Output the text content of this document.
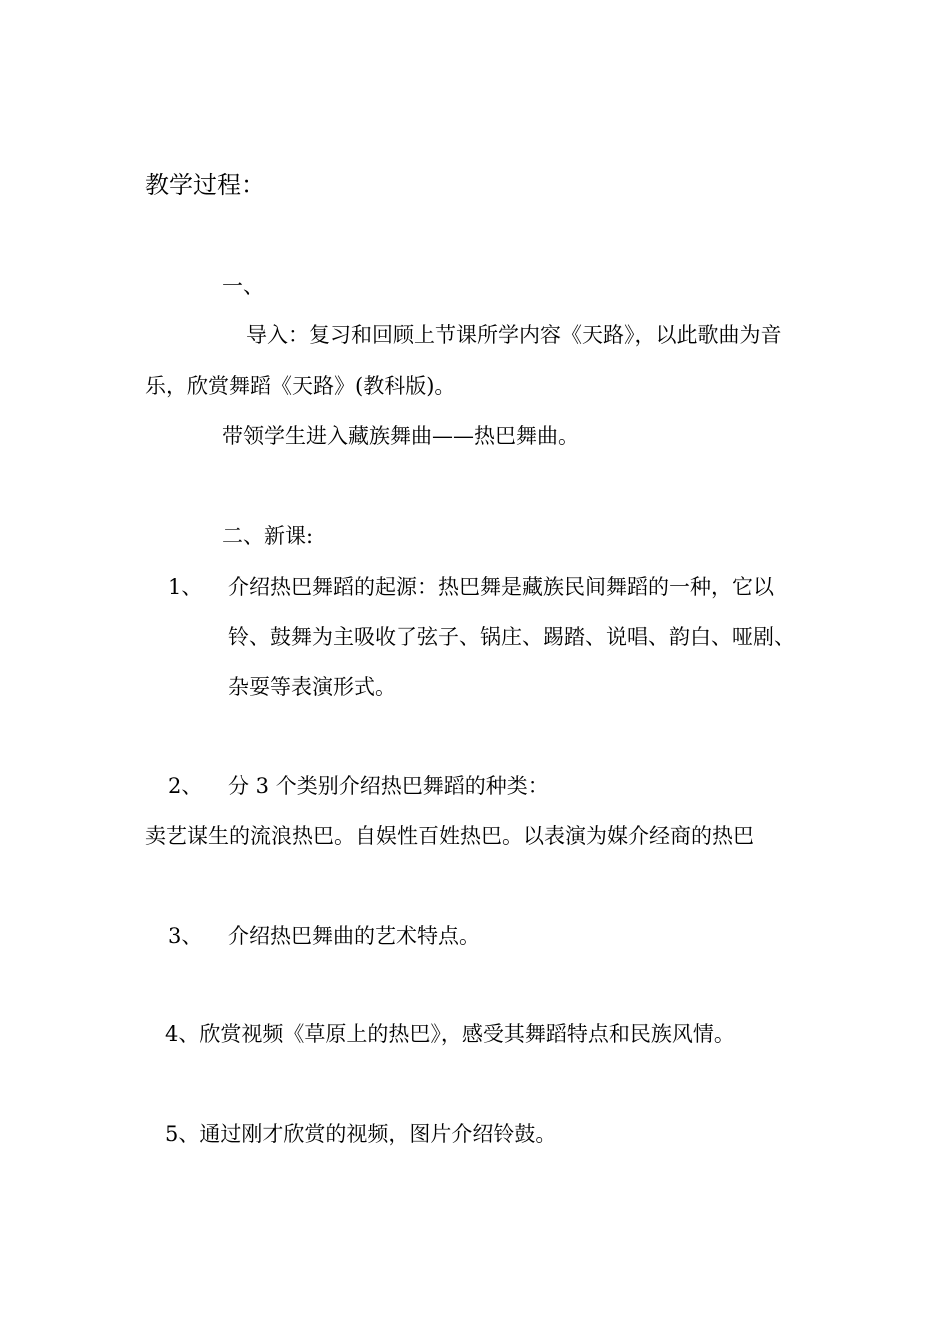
教学过程：
一、
导入：复习和回顾上节课所学内容《天路》，以此歌曲为音
乐，欣赏舞蹈《天路》(教科版)。
带领学生进入藏族舞曲——热巴舞曲。
二、新课:
1、 介绍热巴舞蹈的起源：热巴舞是藏族民间舞蹈的一种，它以
铃、鼓舞为主吸收了弦子、锅庄、踢踏、说唱、韵白、哑剧、
杂耍等表演形式。
2、 分 3 个类别介绍热巴舞蹈的种类：
卖艺谋生的流浪热巴。自娱性百姓热巴。以表演为媒介经商的热巴
3、 介绍热巴舞曲的艺术特点。
4、欣赏视频《草原上的热巴》，感受其舞蹈特点和民族风情。
5、通过刚才欣赏的视频，图片介绍铃鼓。
